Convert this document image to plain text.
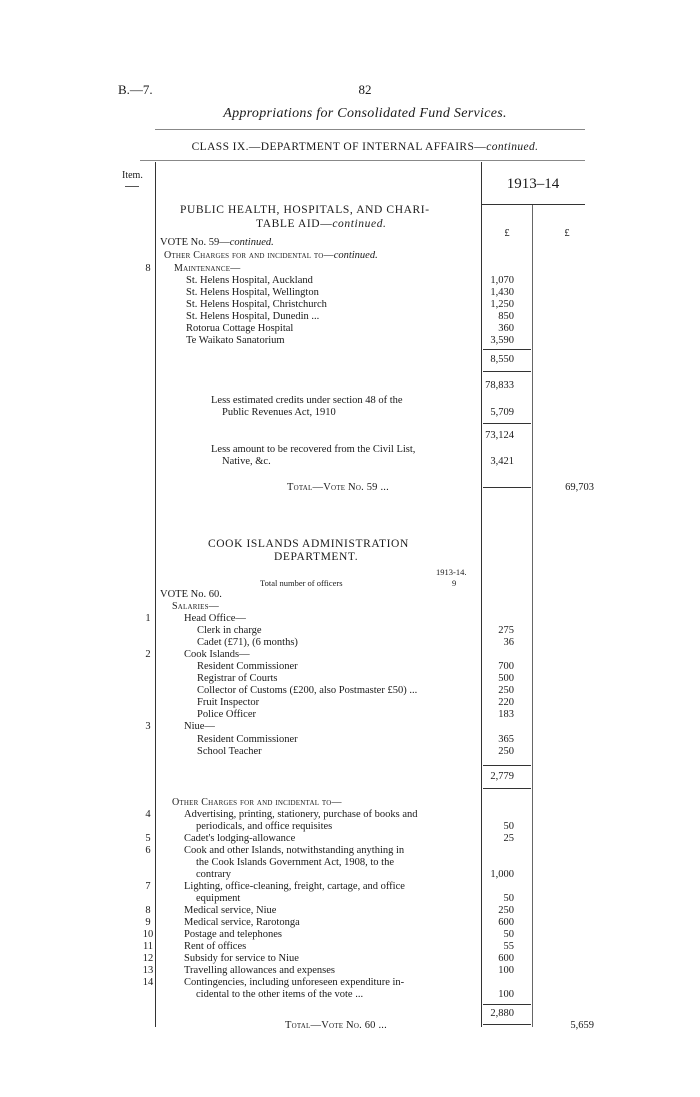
B.—7.	82
Appropriations for Consolidated Fund Services.
CLASS IX.—DEPARTMENT OF INTERNAL AFFAIRS—continued.
Item.
1913–14
£	£
PUBLIC HEALTH, HOSPITALS, AND CHARI-
TABLE AID—continued.
VOTE No. 59—continued.
Other Charges for and incidental to—continued.
8	Maintenance—
St. Helens Hospital, Auckland	1,070
St. Helens Hospital, Wellington	1,430
St. Helens Hospital, Christchurch	1,250
St. Helens Hospital, Dunedin ...	850
Rotorua Cottage Hospital	360
Te Waikato Sanatorium	3,590
8,550
78,833
Less estimated credits under section 48 of the
Public Revenues Act, 1910	5,709
73,124
Less amount to be recovered from the Civil List,
Native, &c.	3,421
Total—Vote No. 59 ...	69,703
COOK ISLANDS ADMINISTRATION
DEPARTMENT.
1913-14.
Total number of officers	9
VOTE No. 60.
Salaries—
1	Head Office—
Clerk in charge	275
Cadet (£71), (6 months)	36
2	Cook Islands—
Resident Commissioner	700
Registrar of Courts	500
Collector of Customs (£200, also Postmaster £50) ...	250
Fruit Inspector	220
Police Officer	183
3	Niue—
Resident Commissioner	365
School Teacher	250
2,779
Other Charges for and incidental to—
4	Advertising, printing, stationery, purchase of books and
periodicals, and office requisites	50
5	Cadet's lodging-allowance	25
6	Cook and other Islands, notwithstanding anything in
the Cook Islands Government Act, 1908, to the
contrary	1,000
7	Lighting, office-cleaning, freight, cartage, and office
equipment	50
8	Medical service, Niue	250
9	Medical service, Rarotonga	600
10	Postage and telephones	50
11	Rent of offices	55
12	Subsidy for service to Niue	600
13	Travelling allowances and expenses	100
14	Contingencies, including unforeseen expenditure in-
cidental to the other items of the vote ...	100
2,880
Total—Vote No. 60 ...	5,659
